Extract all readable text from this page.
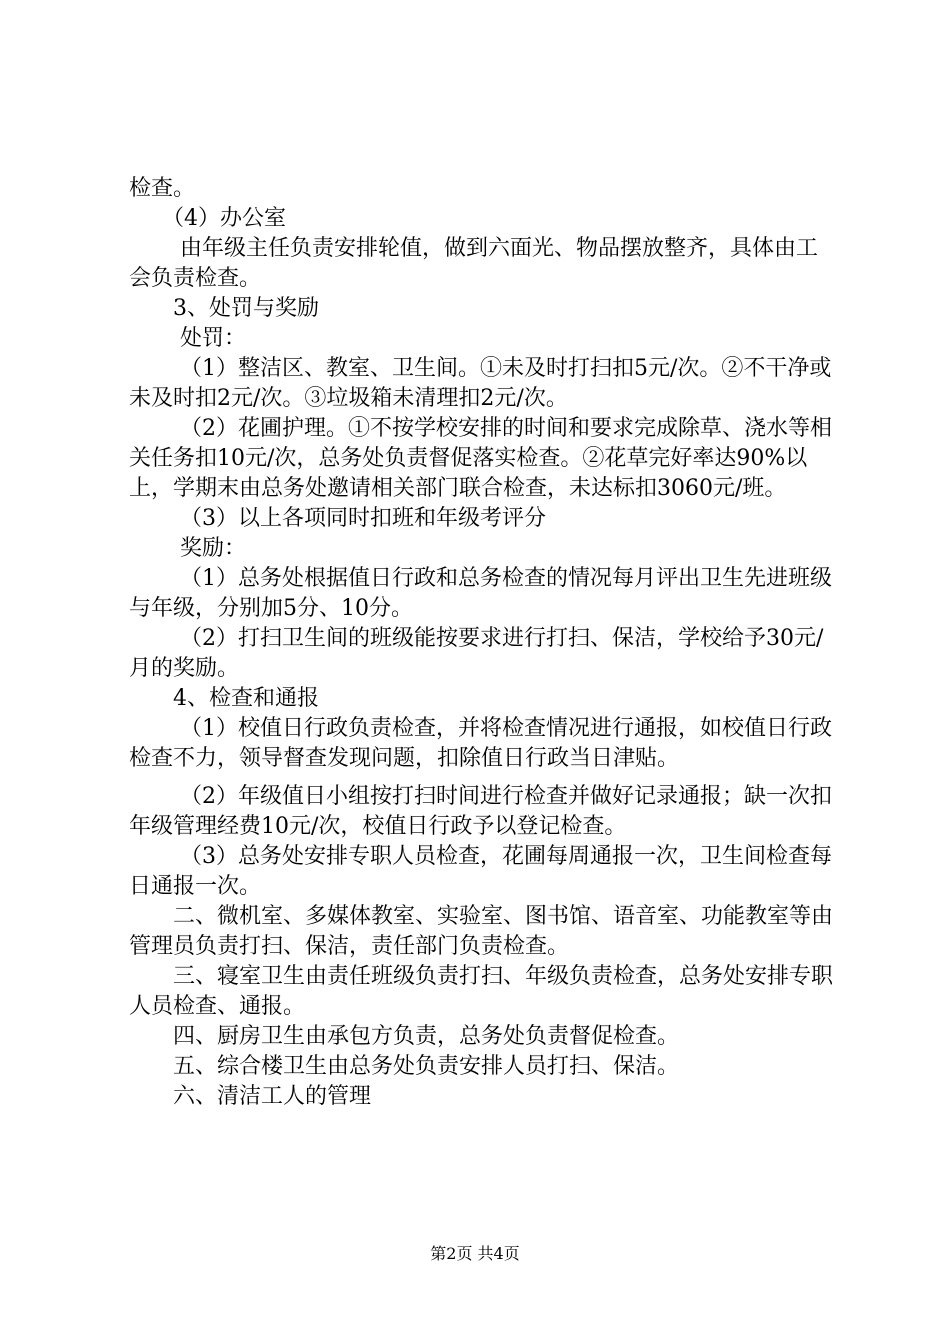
检查。

　　（4）办公室

　　 由年级主任负责安排轮值，做到六面光、物品摆放整齐，具体由工会负责检查。

　　3、处罚与奖励

　　 处罚：

　　 （1）整洁区、教室、卫生间。①未及时打扫扣5元/次。②不干净或未及时扣2元/次。③垃圾箱未清理扣2元/次。

　　 （2）花圃护理。①不按学校安排的时间和要求完成除草、浇水等相关任务扣10元/次，总务处负责督促落实检查。②花草完好率达90%以上，学期末由总务处邀请相关部门联合检查，未达标扣3060元/班。

　　 （3）以上各项同时扣班和年级考评分

　　 奖励：

　　 （1）总务处根据值日行政和总务检查的情况每月评出卫生先进班级与年级，分别加5分、10分。

　　 （2）打扫卫生间的班级能按要求进行打扫、保洁，学校给予30元/月的奖励。

　　4、检查和通报

　　 （1）校值日行政负责检查，并将检查情况进行通报，如校值日行政检查不力，领导督查发现问题，扣除值日行政当日津贴。

　　 （2）年级值日小组按打扫时间进行检查并做好记录通报；缺一次扣年级管理经费10元/次，校值日行政予以登记检查。

　　 （3）总务处安排专职人员检查，花圃每周通报一次，卫生间检查每日通报一次。

　　二、微机室、多媒体教室、实验室、图书馆、语音室、功能教室等由管理员负责打扫、保洁，责任部门负责检查。

　　三、寝室卫生由责任班级负责打扫、年级负责检查，总务处安排专职人员检查、通报。

　　四、厨房卫生由承包方负责，总务处负责督促检查。

　　五、综合楼卫生由总务处负责安排人员打扫、保洁。

　　六、清洁工人的管理

第2页 共4页
